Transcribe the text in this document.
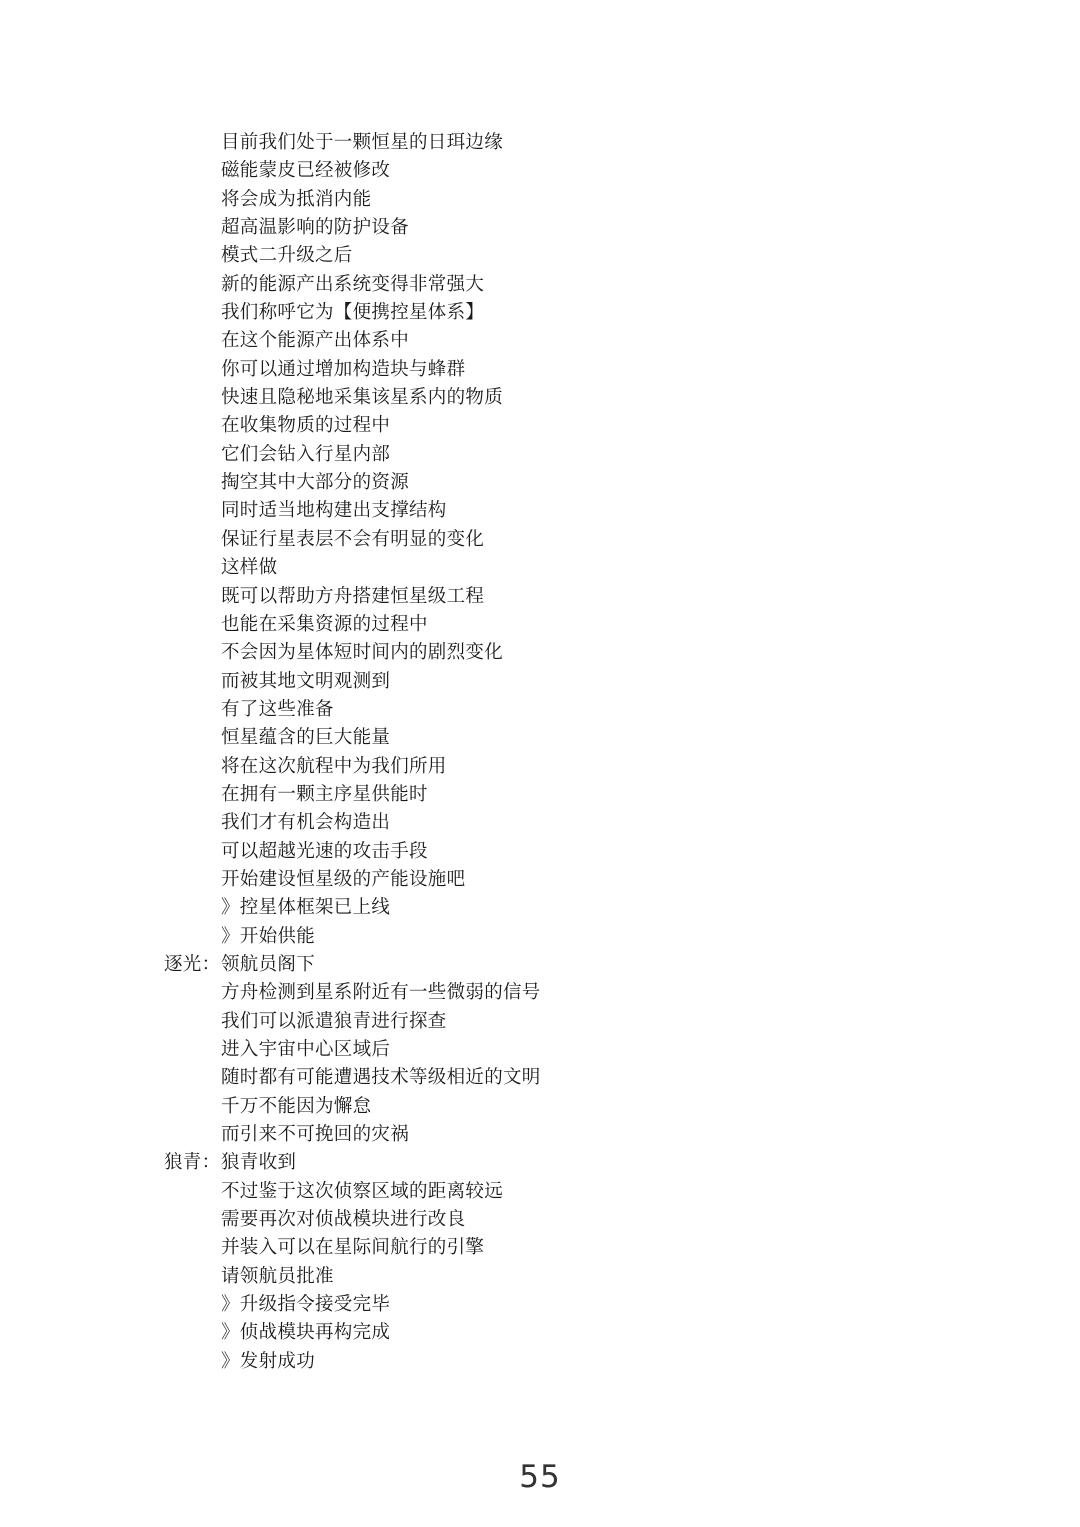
目前我们处于一颗恒星的日珥边缘
磁能蒙皮已经被修改
将会成为抵消内能
超高温影响的防护设备
模式二升级之后
新的能源产出系统变得非常强大
我们称呼它为【便携控星体系】
在这个能源产出体系中
你可以通过增加构造块与蜂群
快速且隐秘地采集该星系内的物质
在收集物质的过程中
它们会钻入行星内部
掏空其中大部分的资源
同时适当地构建出支撑结构
保证行星表层不会有明显的变化
这样做
既可以帮助方舟搭建恒星级工程
也能在采集资源的过程中
不会因为星体短时间内的剧烈变化
而被其地文明观测到
有了这些准备
恒星蕴含的巨大能量
将在这次航程中为我们所用
在拥有一颗主序星供能时
我们才有机会构造出
可以超越光速的攻击手段
开始建设恒星级的产能设施吧
》控星体框架已上线
》开始供能
逐光： 领航员阁下
方舟检测到星系附近有一些微弱的信号
我们可以派遣狼青进行探查
进入宇宙中心区域后
随时都有可能遭遇技术等级相近的文明
千万不能因为懈怠
而引来不可挽回的灾祸
狼青： 狼青收到
不过鉴于这次侦察区域的距离较远
需要再次对侦战模块进行改良
并装入可以在星际间航行的引擎
请领航员批准
》升级指令接受完毕
》侦战模块再构完成
》发射成功
55
